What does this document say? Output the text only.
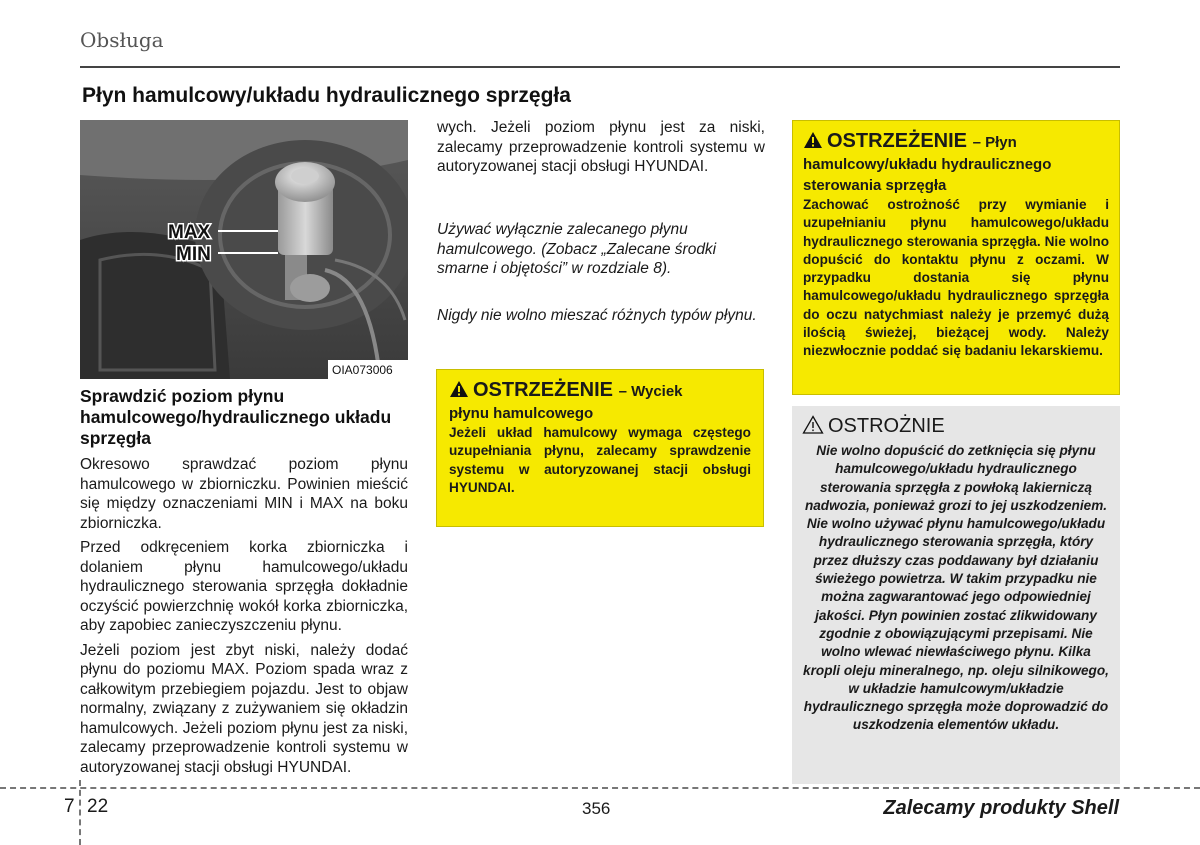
Obsługa
Płyn hamulcowy/układu hydraulicznego sprzęgła
MAX
MIN
OIA073006
Sprawdzić poziom płynu hamulcowego/hydraulicznego układu sprzęgła

Okresowo sprawdzać poziom płynu hamulcowego w zbiorniczku. Powinien mieścić się między oznaczeniami MIN i MAX na boku zbiorniczka.

Przed odkręceniem korka zbiorniczka i dolaniem płynu hamulcowego/układu hydraulicznego sterowania sprzęgła dokładnie oczyścić powierzchnię wokół korka zbiorniczka, aby zapobiec zanieczyszczeniu płynu.

Jeżeli poziom jest zbyt niski, należy dodać płynu do poziomu MAX. Poziom spada wraz z całkowitym przebiegiem pojazdu. Jest to objaw normalny, związany z zużywaniem się okładzin hamulcowych. Jeżeli poziom płynu jest za niski, zalecamy przeprowadzenie kontroli systemu w autoryzowanej stacji obsługi HYUNDAI.

wych. Jeżeli poziom płynu jest za niski, zalecamy przeprowadzenie kontroli systemu w autoryzowanej stacji obsługi HYUNDAI.
Używać wyłącznie zalecanego płynu hamulcowego. (Zobacz „Zalecane środki smarne i objętości” w rozdziale 8).
Nigdy nie wolno mieszać różnych typów płynu.
OSTRZEŻENIE – Wyciek
płynu hamulcowego
Jeżeli układ hamulcowy wymaga częstego uzupełniania płynu, zalecamy sprawdzenie systemu w autoryzowanej stacji obsługi HYUNDAI.
OSTRZEŻENIE – Płyn
hamulcowy/układu hydraulicznego sterowania sprzęgła
Zachować ostrożność przy wymianie i uzupełnianiu płynu hamulcowego/układu hydraulicznego sterowania sprzęgła. Nie wolno dopuścić do kontaktu płynu z oczami. W przypadku dostania się płynu hamulcowego/układu hydraulicznego sprzęgła do oczu natychmiast należy je przemyć dużą ilością świeżej, bieżącej wody. Należy niezwłocznie poddać się badaniu lekarskiemu.
OSTROŻNIE
Nie wolno dopuścić do zetknięcia się płynu hamulcowego/układu hydraulicznego sterowania sprzęgła z powłoką lakierniczą nadwozia, ponieważ grozi to jej uszkodzeniem. Nie wolno używać płynu hamulcowego/układu hydraulicznego sterowania sprzęgła, który przez dłuższy czas poddawany był działaniu świeżego powietrza. W takim przypadku nie można zagwarantować jego odpowiedniej jakości. Płyn powinien zostać zlikwidowany zgodnie z obowiązującymi przepisami. Nie wolno wlewać niewłaściwego płynu. Kilka kropli oleju mineralnego, np. oleju silnikowego, w układzie hamulcowym/układzie hydraulicznego sprzęgła może doprowadzić do uszkodzenia elementów układu.
7 22	356	Zalecamy produkty Shell
